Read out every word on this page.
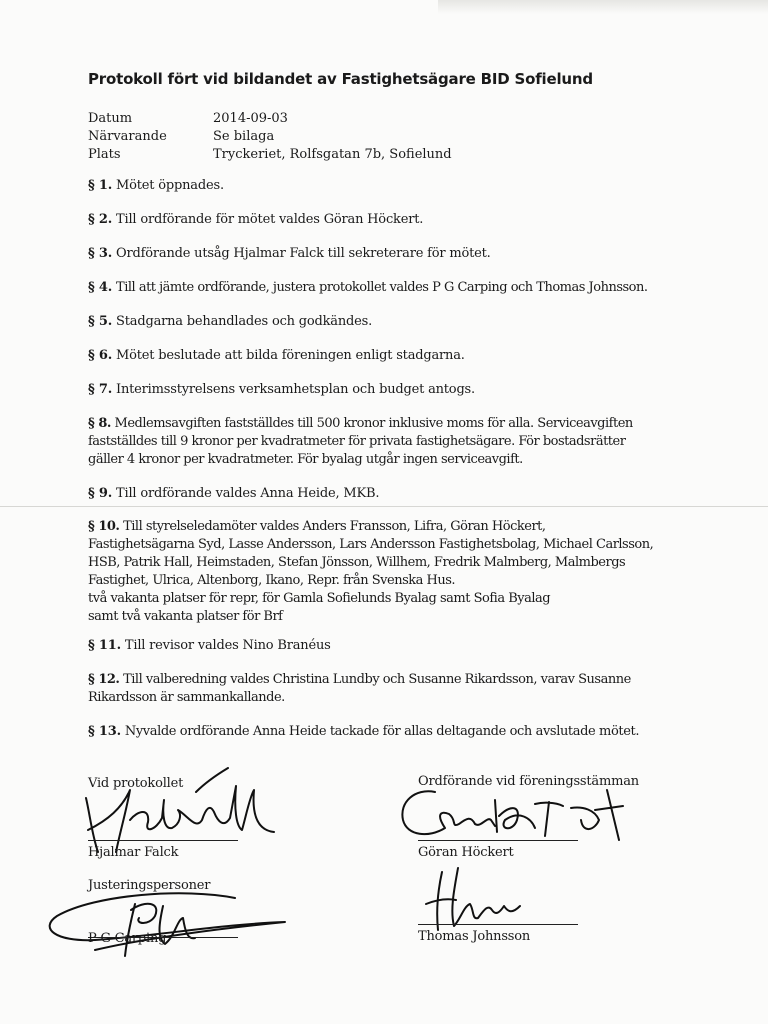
Protokoll fört vid bildandet av Fastighetsägare BID Sofielund
Datum	2014-09-03
Närvarande	Se bilaga
Plats	Tryckeriet, Rolfsgatan 7b, Sofielund
§ 1. Mötet öppnades.
§ 2. Till ordförande för mötet valdes Göran Höckert.
§ 3. Ordförande utsåg Hjalmar Falck till sekreterare för mötet.
§ 4. Till att jämte ordförande, justera protokollet valdes P G Carping och Thomas Johnsson.
§ 5. Stadgarna behandlades och godkändes.
§ 6. Mötet beslutade att bilda föreningen enligt stadgarna.
§ 7. Interimsstyrelsens verksamhetsplan och budget antogs.
§ 8. Medlemsavgiften fastställdes till 500 kronor inklusive moms för alla. Serviceavgiften
fastställdes till 9 kronor per kvadratmeter för privata fastighetsägare. För bostadsrätter
gäller 4 kronor per kvadratmeter. För byalag utgår ingen serviceavgift.
§ 9. Till ordförande valdes Anna Heide, MKB.
§ 10. Till styrelseledamöter valdes Anders Fransson, Lifra, Göran Höckert,
Fastighetsägarna Syd, Lasse Andersson, Lars Andersson Fastighetsbolag, Michael Carlsson,
HSB, Patrik Hall, Heimstaden, Stefan Jönsson, Willhem, Fredrik Malmberg, Malmbergs
Fastighet, Ulrica, Altenborg, Ikano, Repr. från Svenska Hus.
två vakanta platser för repr, för Gamla Sofielunds Byalag samt Sofia Byalag
samt två vakanta platser för Brf
§ 11. Till revisor valdes Nino Branéus
§ 12. Till valberedning valdes Christina Lundby och Susanne Rikardsson, varav Susanne
Rikardsson är sammankallande.
§ 13. Nyvalde ordförande Anna Heide tackade för allas deltagande och avslutade mötet.
Vid protokollet	Ordförande vid föreningsstämman
Hjalmar Falck	Göran Höckert
Justeringspersoner
P G Carping	Thomas Johnsson
